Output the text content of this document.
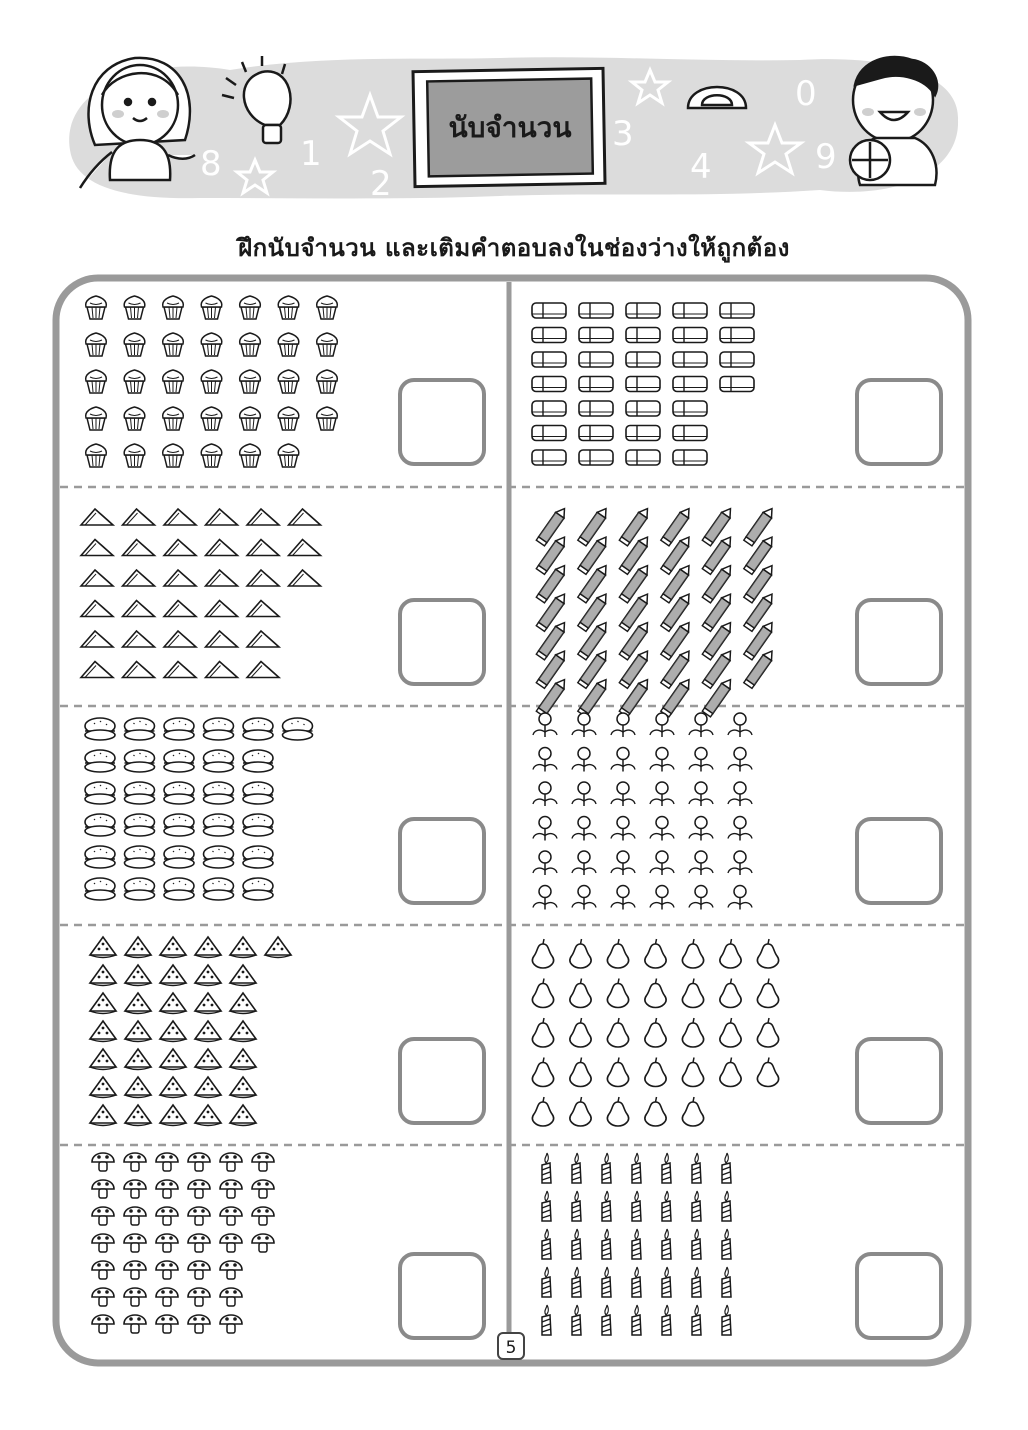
8 1
2
3
4
0
9
นับจำนวน
ฝึกนับจำนวน และเติมคำตอบลงในช่องว่างให้ถูกต้อง
5
